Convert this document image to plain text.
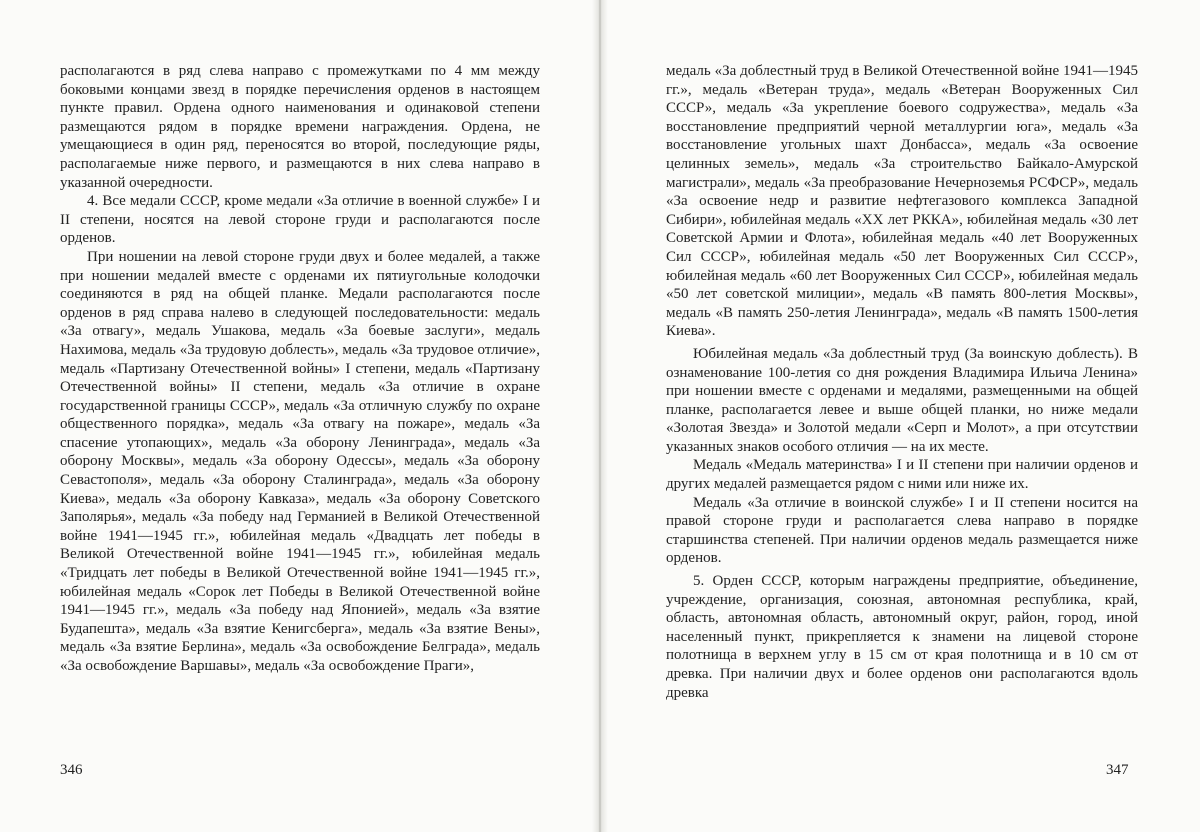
располагаются в ряд слева направо с промежутками по 4 мм между боковыми концами звезд в порядке перечисления орденов в настоящем пункте правил. Ордена одного наименования и одинаковой степени размещаются рядом в порядке времени награждения. Ордена, не умещающиеся в один ряд, переносятся во второй, последующие ряды, располагаемые ниже первого, и размещаются в них слева направо в указанной очередности.

4. Все медали СССР, кроме медали «За отличие в военной службе» I и II степени, носятся на левой стороне груди и располагаются после орденов.

При ношении на левой стороне груди двух и более медалей, а также при ношении медалей вместе с орденами их пятиугольные колодочки соединяются в ряд на общей планке. Медали располагаются после орденов в ряд справа налево в следующей последовательности: медаль «За отвагу», медаль Ушакова, медаль «За боевые заслуги», медаль Нахимова, медаль «За трудовую доблесть», медаль «За трудовое отличие», медаль «Партизану Отечественной войны» I степени, медаль «Партизану Отечественной войны» II степени, медаль «За отличие в охране государственной границы СССР», медаль «За отличную службу по охране общественного порядка», медаль «За отвагу на пожаре», медаль «За спасение утопающих», медаль «За оборону Ленинграда», медаль «За оборону Москвы», медаль «За оборону Одессы», медаль «За оборону Севастополя», медаль «За оборону Сталинграда», медаль «За оборону Киева», медаль «За оборону Кавказа», медаль «За оборону Советского Заполярья», медаль «За победу над Германией в Великой Отечественной войне 1941—1945 гг.», юбилейная медаль «Двадцать лет победы в Великой Отечественной войне 1941—1945 гг.», юбилейная медаль «Тридцать лет победы в Великой Отечественной войне 1941—1945 гг.», юбилейная медаль «Сорок лет Победы в Великой Отечественной войне 1941—1945 гг.», медаль «За победу над Японией», медаль «За взятие Будапешта», медаль «За взятие Кенигсберга», медаль «За взятие Вены», медаль «За взятие Берлина», медаль «За освобождение Белграда», медаль «За освобождение Варшавы», медаль «За освобождение Праги»,

346

медаль «За доблестный труд в Великой Отечественной войне 1941—1945 гг.», медаль «Ветеран труда», медаль «Ветеран Вооруженных Сил СССР», медаль «За укрепление боевого содружества», медаль «За восстановление предприятий черной металлургии юга», медаль «За восстановление угольных шахт Донбасса», медаль «За освоение целинных земель», медаль «За строительство Байкало-Амурской магистрали», медаль «За преобразование Нечерноземья РСФСР», медаль «За освоение недр и развитие нефтегазового комплекса Западной Сибири», юбилейная медаль «XX лет РККА», юбилейная медаль «30 лет Советской Армии и Флота», юбилейная медаль «40 лет Вооруженных Сил СССР», юбилейная медаль «50 лет Вооруженных Сил СССР», юбилейная медаль «60 лет Вооруженных Сил СССР», юбилейная медаль «50 лет советской милиции», медаль «В память 800-летия Москвы», медаль «В память 250-летия Ленинграда», медаль «В память 1500-летия Киева».

Юбилейная медаль «За доблестный труд (За воинскую доблесть). В ознаменование 100-летия со дня рождения Владимира Ильича Ленина» при ношении вместе с орденами и медалями, размещенными на общей планке, располагается левее и выше общей планки, но ниже медали «Золотая Звезда» и Золотой медали «Серп и Молот», а при отсутствии указанных знаков особого отличия — на их месте.

Медаль «Медаль материнства» I и II степени при наличии орденов и других медалей размещается рядом с ними или ниже их.

Медаль «За отличие в воинской службе» I и II степени носится на правой стороне груди и располагается слева направо в порядке старшинства степеней. При наличии орденов медаль размещается ниже орденов.

5. Орден СССР, которым награждены предприятие, объединение, учреждение, организация, союзная, автономная республика, край, область, автономная область, автономный округ, район, город, иной населенный пункт, прикрепляется к знамени на лицевой стороне полотнища в верхнем углу в 15 см от края полотнища и в 10 см от древка. При наличии двух и более орденов они располагаются вдоль древка

347
